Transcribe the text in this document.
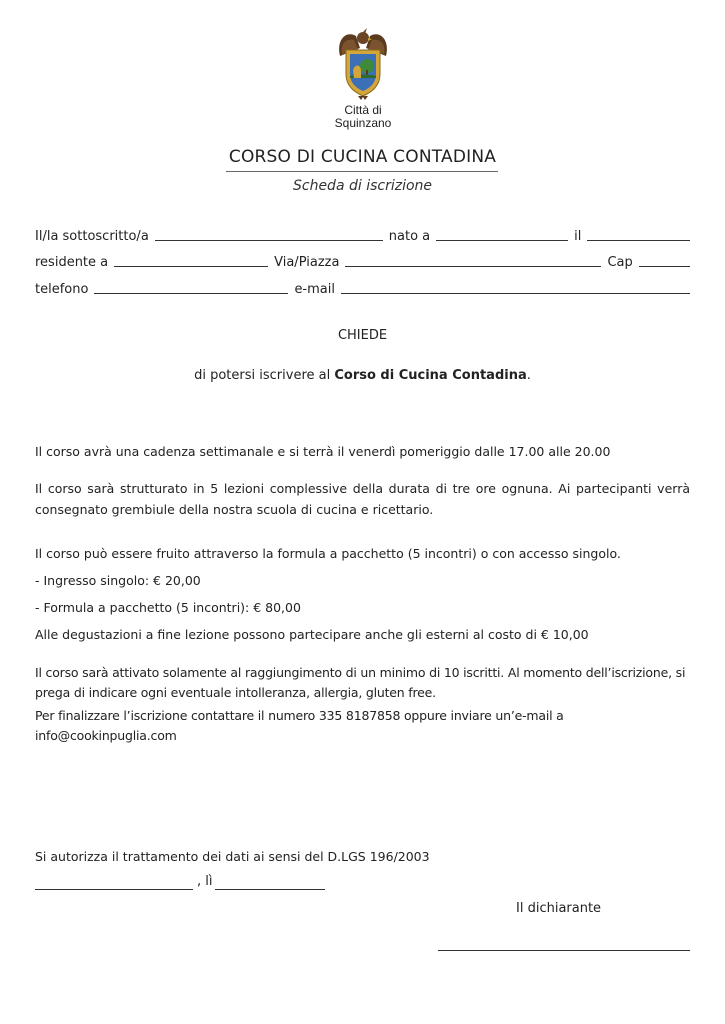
Città di
Squinzano
CORSO DI CUCINA CONTADINA
Scheda di iscrizione
Il/la sottoscritto/a	nato a	il
residente a	Via/Piazza	Cap
telefono	e-mail
CHIEDE
di potersi iscrivere al Corso di Cucina Contadina.
Il corso avrà una cadenza settimanale e si terrà il venerdì pomeriggio dalle 17.00 alle 20.00
Il corso sarà strutturato in 5 lezioni complessive della durata di tre ore ognuna. Ai partecipanti verrà consegnato grembiule della nostra scuola di cucina e ricettario.
Il corso può essere fruito attraverso la formula a pacchetto (5 incontri) o con accesso singolo.
- Ingresso singolo: € 20,00
- Formula a pacchetto (5 incontri): € 80,00
Alle degustazioni a fine lezione possono partecipare anche gli esterni al costo di € 10,00
Il corso sarà attivato solamente al raggiungimento di un minimo di 10 iscritti. Al momento dell’iscrizione, si prega di indicare ogni eventuale intolleranza, allergia, gluten free.
Per finalizzare l’iscrizione contattare il numero 335 8187858 oppure inviare un’e-mail a info@cookinpuglia.com
Si autorizza il trattamento dei dati ai sensi del D.LGS 196/2003
, lì
Il dichiarante
